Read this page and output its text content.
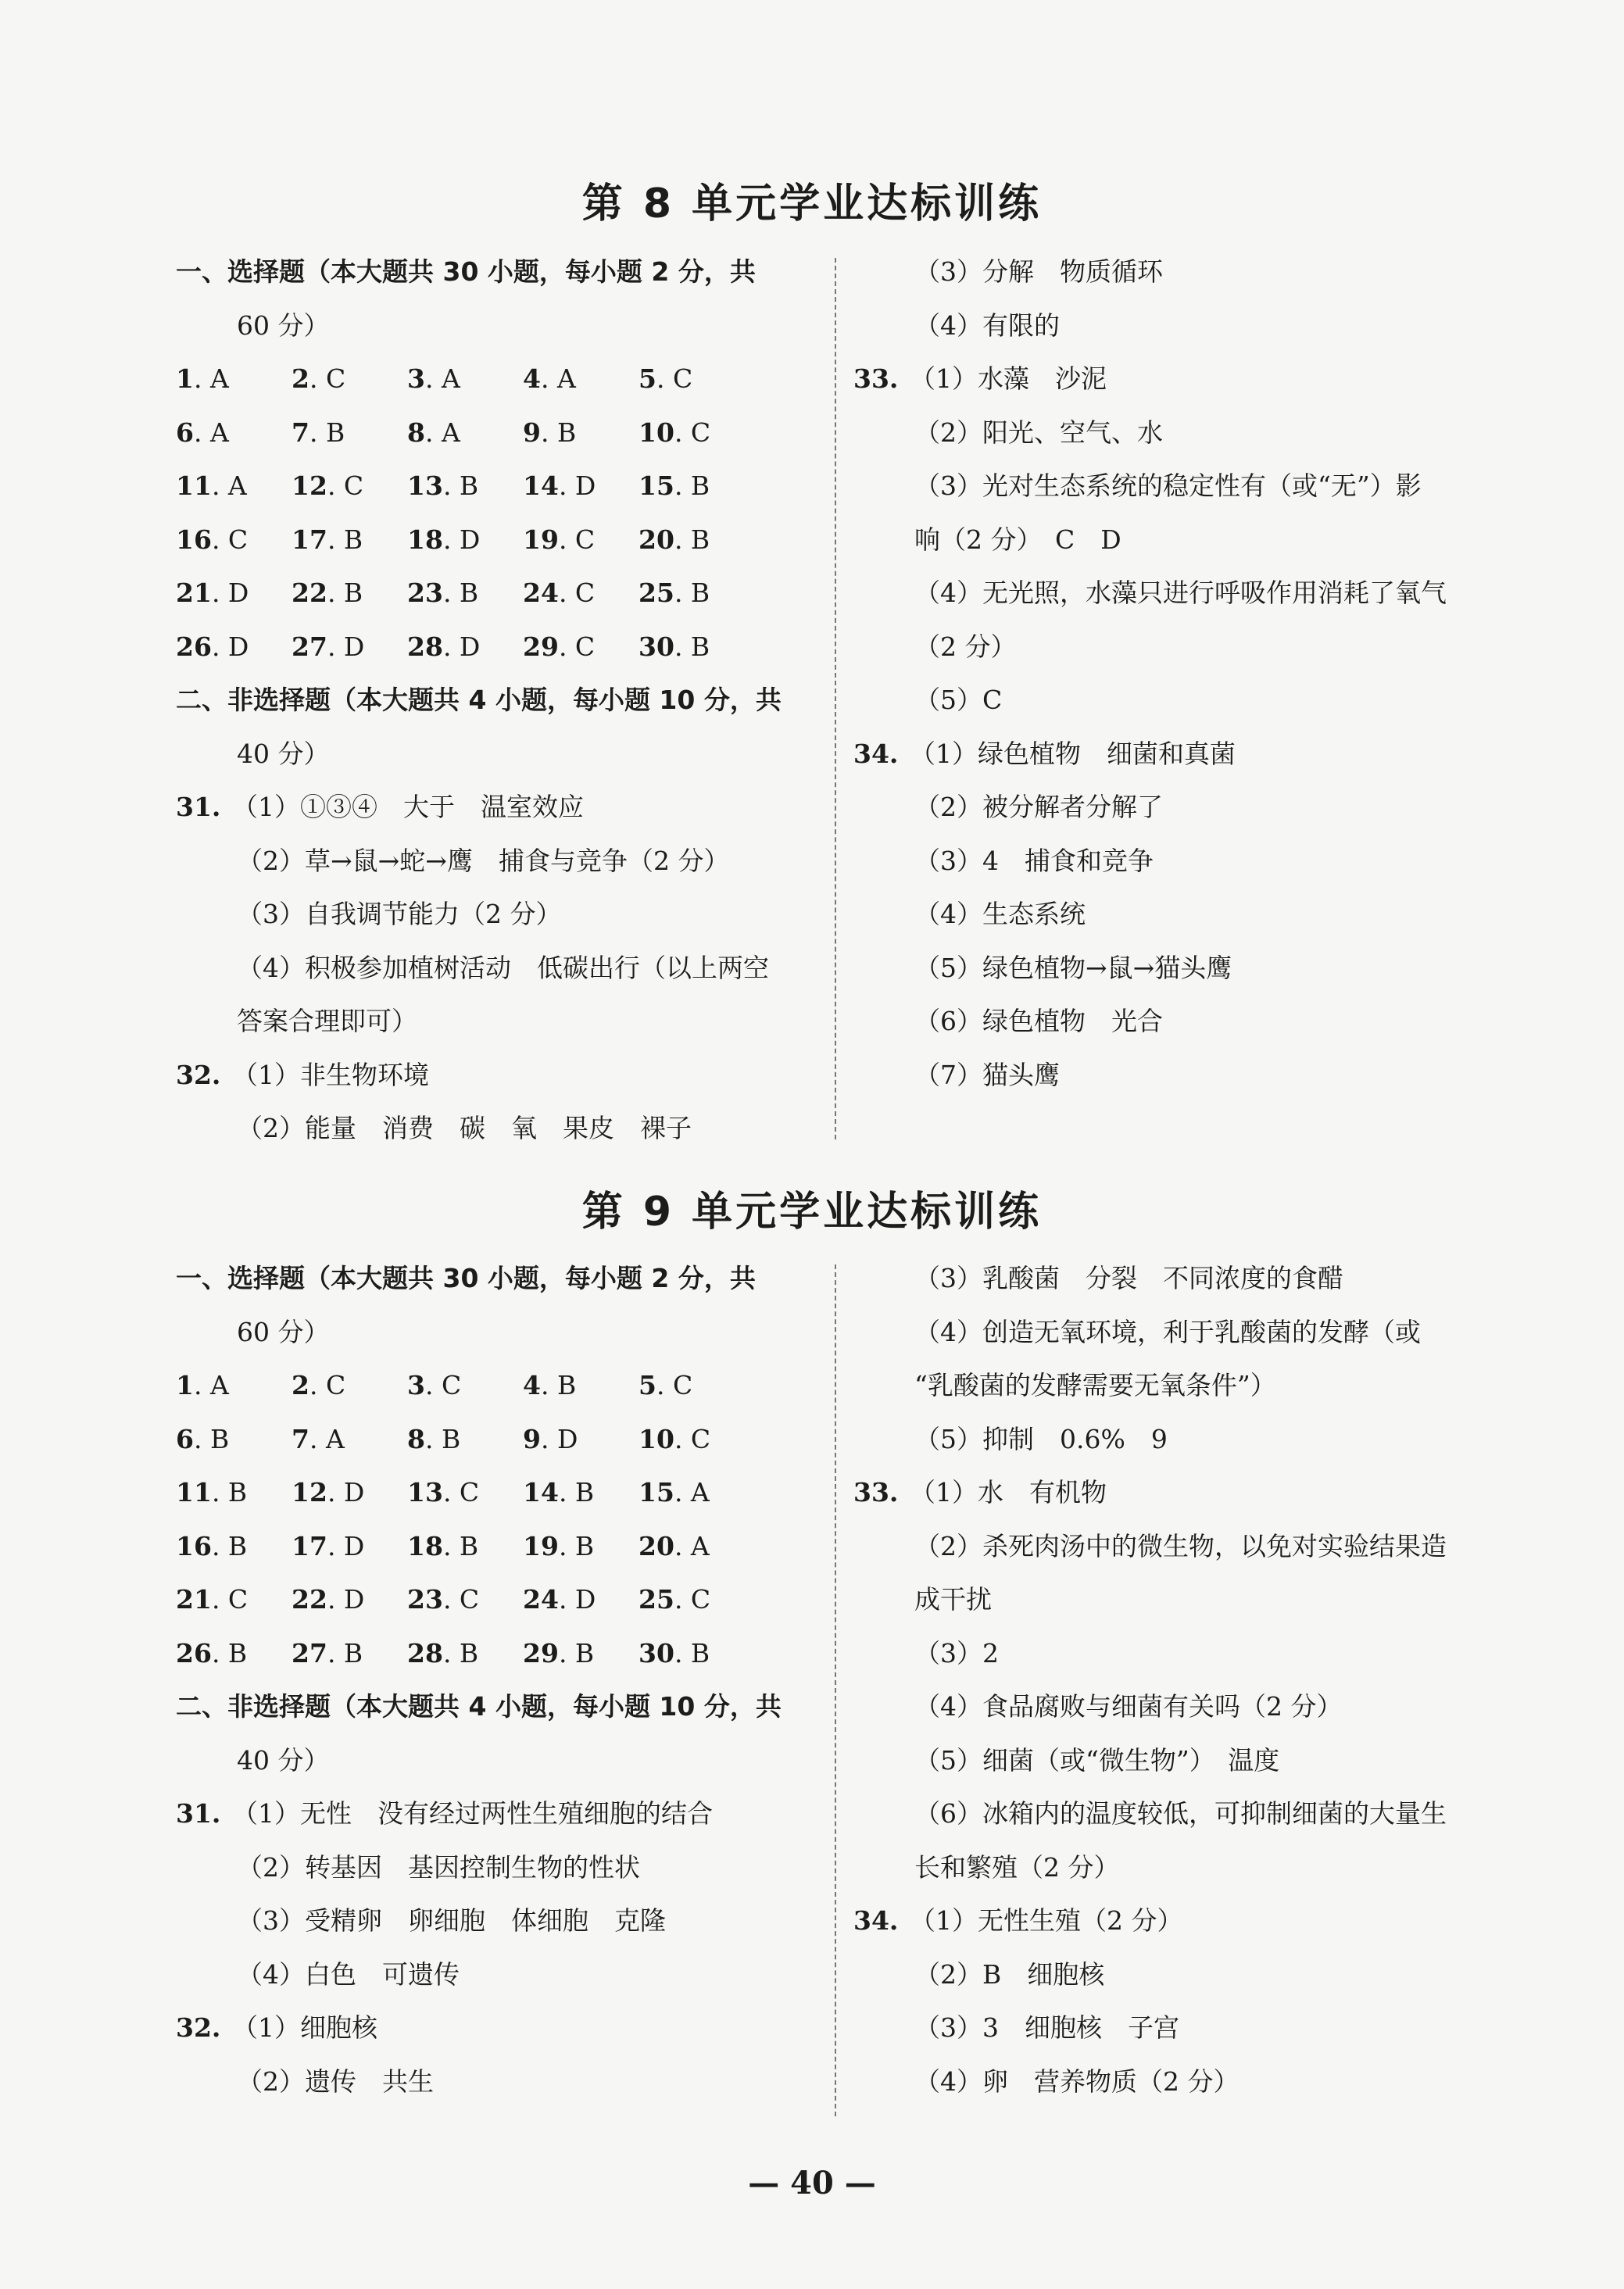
第 8 单元学业达标训练
一、选择题（本大题共 30 小题，每小题 2 分，共
60 分）
1. A	2. C	3. A	4. A	5. C
6. A	7. B	8. A	9. B	10. C
11. A	12. C	13. B	14. D	15. B
16. C	17. B	18. D	19. C	20. B
21. D	22. B	23. B	24. C	25. B
26. D	27. D	28. D	29. C	30. B
二、非选择题（本大题共 4 小题，每小题 10 分，共
40 分）
31. （1）①③④　大于　温室效应
（2）草→鼠→蛇→鹰　捕食与竞争（2 分）
（3）自我调节能力（2 分）
（4）积极参加植树活动　低碳出行（以上两空
答案合理即可）
32. （1）非生物环境
（2）能量　消费　碳　氧　果皮　裸子
（3）分解　物质循环
（4）有限的
33. （1）水藻　沙泥
（2）阳光、空气、水
（3）光对生态系统的稳定性有（或“无”）影
响（2 分）　C　D
（4）无光照，水藻只进行呼吸作用消耗了氧气
（2 分）
（5）C
34. （1）绿色植物　细菌和真菌
（2）被分解者分解了
（3）4　捕食和竞争
（4）生态系统
（5）绿色植物→鼠→猫头鹰
（6）绿色植物　光合
（7）猫头鹰
第 9 单元学业达标训练
一、选择题（本大题共 30 小题，每小题 2 分，共
60 分）
1. A	2. C	3. C	4. B	5. C
6. B	7. A	8. B	9. D	10. C
11. B	12. D	13. C	14. B	15. A
16. B	17. D	18. B	19. B	20. A
21. C	22. D	23. C	24. D	25. C
26. B	27. B	28. B	29. B	30. B
二、非选择题（本大题共 4 小题，每小题 10 分，共
40 分）
31. （1）无性　没有经过两性生殖细胞的结合
（2）转基因　基因控制生物的性状
（3）受精卵　卵细胞　体细胞　克隆
（4）白色　可遗传
32. （1）细胞核
（2）遗传　共生
（3）乳酸菌　分裂　不同浓度的食醋
（4）创造无氧环境，利于乳酸菌的发酵（或
“乳酸菌的发酵需要无氧条件”）
（5）抑制　0.6%　9
33. （1）水　有机物
（2）杀死肉汤中的微生物，以免对实验结果造
成干扰
（3）2
（4）食品腐败与细菌有关吗（2 分）
（5）细菌（或“微生物”）　温度
（6）冰箱内的温度较低，可抑制细菌的大量生
长和繁殖（2 分）
34. （1）无性生殖（2 分）
（2）B　细胞核
（3）3　细胞核　子宫
（4）卵　营养物质（2 分）
— 40 —
